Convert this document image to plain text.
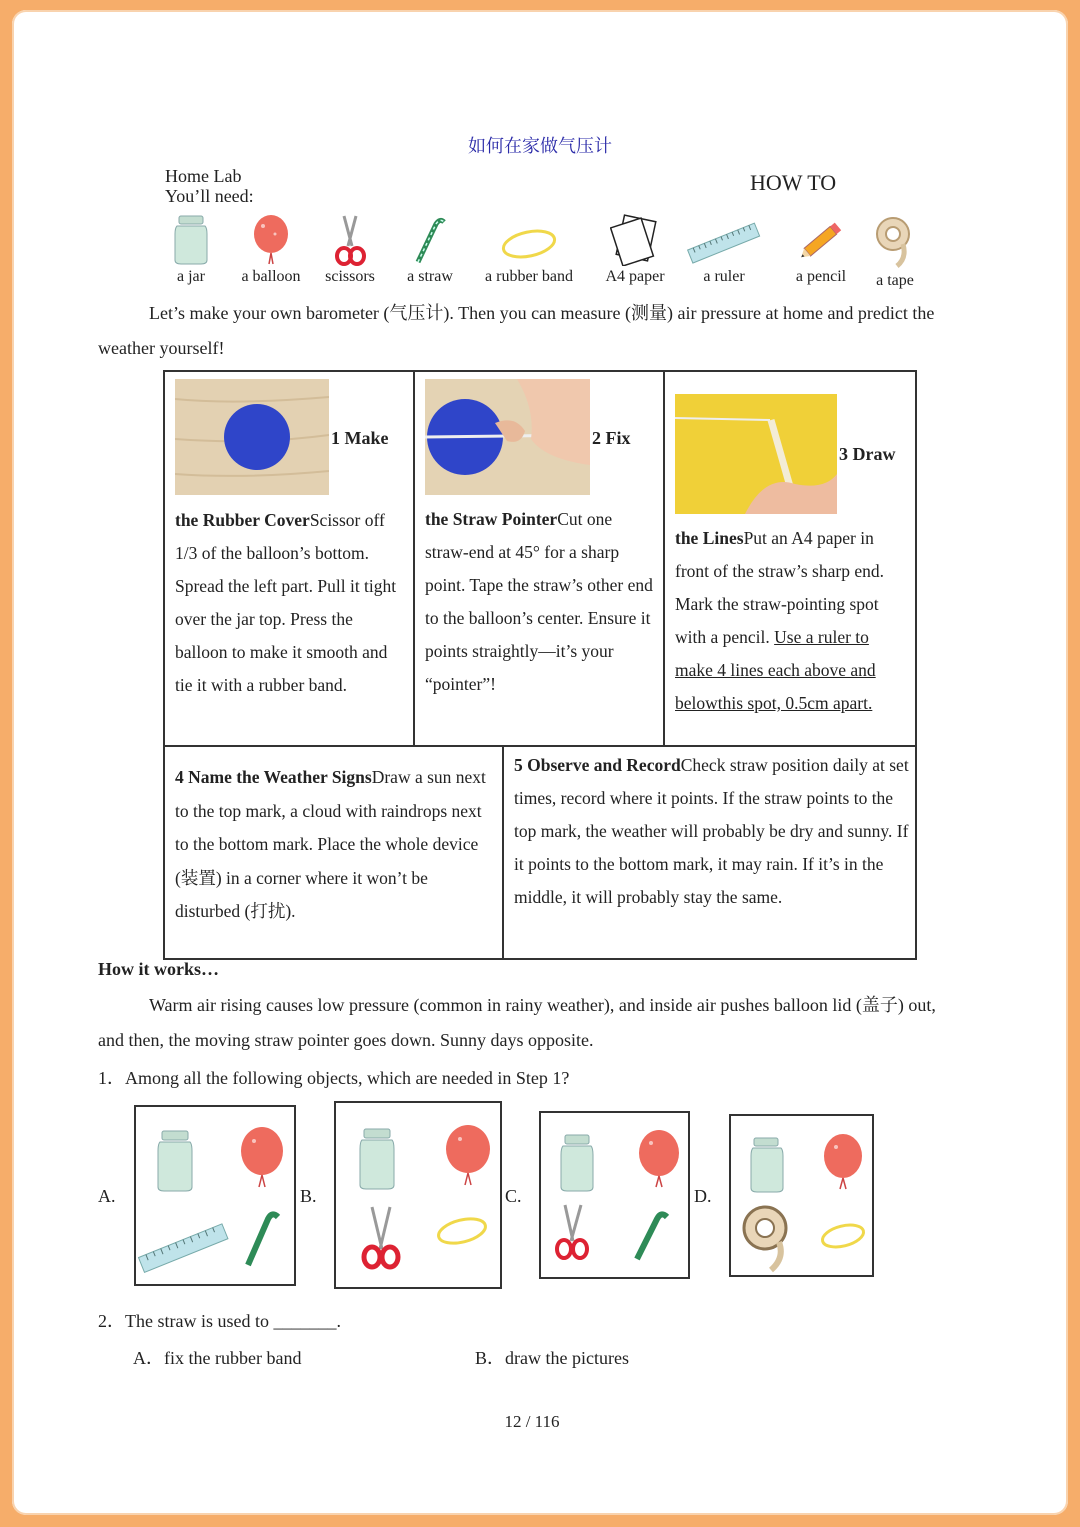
如何在家做气压计
Home Lab
You’ll need:
HOW TO
a jar	a balloon	scissors	a straw	a rubber band	A4 paper	a ruler	a pencil	a tape
Let’s make your own barometer (气压计). Then you can measure (测量) air pressure at home and predict the
weather yourself!
1 Make
the Rubber CoverScissor off 1/3 of the balloon’s bottom. Spread the left part. Pull it tight over the jar top. Press the balloon to make it smooth and tie it with a rubber band.
2 Fix
the Straw PointerCut one straw-end at 45° for a sharp point. Tape the straw’s other end to the balloon’s center. Ensure it points straightly—it’s your “pointer”!
3 Draw
the LinesPut an A4 paper in front of the straw’s sharp end. Mark the straw-pointing spot with a pencil. Use a ruler to make 4 lines each above and belowthis spot, 0.5cm apart.
4 Name the Weather SignsDraw a sun next to the top mark, a cloud with raindrops next to the bottom mark. Place the whole device (装置) in a corner where it won’t be disturbed (打扰).
5 Observe and RecordCheck straw position daily at set times, record where it points. If the straw points to the top mark, the weather will probably be dry and sunny. If it points to the bottom mark, it may rain. If it’s in the middle, it will probably stay the same.
How it works…
Warm air rising causes low pressure (common in rainy weather), and inside air pushes balloon lid (盖子) out,
and then, the moving straw pointer goes down. Sunny days opposite.
1．Among all the following objects, which are needed in Step 1?
A.	B.	C.	D.
2．The straw is used to _______.
A．fix the rubber band	B．draw the pictures
12 / 116
